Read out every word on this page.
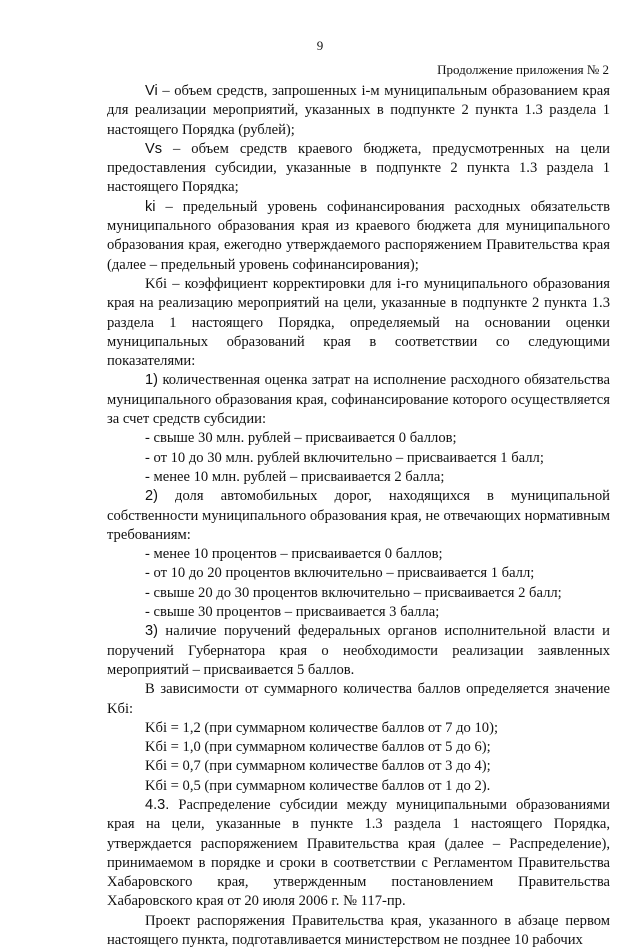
9
Продолжение приложения № 2

Vi – объем средств, запрошенных i-м муниципальным образованием края для реализации мероприятий, указанных в подпункте 2 пункта 1.3 раздела 1 настоящего Порядка (рублей);

Vs – объем средств краевого бюджета, предусмотренных на цели предоставления субсидии, указанные в подпункте 2 пункта 1.3 раздела 1 настоящего Порядка;

ki – предельный уровень софинансирования расходных обязательств муниципального образования края из краевого бюджета для муниципального образования края, ежегодно утверждаемого распоряжением Правительства края (далее – предельный уровень софинансирования);

Kбi – коэффициент корректировки для i-го муниципального образования края на реализацию мероприятий на цели, указанные в подпункте 2 пункта 1.3 раздела 1 настоящего Порядка, определяемый на основании оценки муниципальных образований края в соответствии со следующими показателями:

1) количественная оценка затрат на исполнение расходного обязательства муниципального образования края, софинансирование которого осуществляется за счет средств субсидии:

- свыше 30 млн. рублей – присваивается 0 баллов;

- от 10 до 30 млн. рублей включительно – присваивается 1 балл;

- менее 10 млн. рублей – присваивается 2 балла;

2) доля автомобильных дорог, находящихся в муниципальной собственности муниципального образования края, не отвечающих нормативным требованиям:

- менее 10 процентов – присваивается 0 баллов;

- от 10 до 20 процентов включительно – присваивается 1 балл;

- свыше 20 до 30 процентов включительно – присваивается 2 балл;

- свыше 30 процентов – присваивается 3 балла;

3) наличие поручений федеральных органов исполнительной власти и поручений Губернатора края о необходимости реализации заявленных мероприятий – присваивается 5 баллов.

В зависимости от суммарного количества баллов определяется значение Kбi:

Kбi = 1,2 (при суммарном количестве баллов от 7 до 10);

Kбi = 1,0 (при суммарном количестве баллов от 5 до 6);

Kбi = 0,7 (при суммарном количестве баллов от 3 до 4);

Kбi = 0,5 (при суммарном количестве баллов от 1 до 2).

4.3. Распределение субсидии между муниципальными образованиями края на цели, указанные в пункте 1.3 раздела 1 настоящего Порядка, утверждается распоряжением Правительства края (далее – Распределение), принимаемом в порядке и сроки в соответствии с Регламентом Правительства Хабаровского края, утвержденным постановлением Правительства Хабаровского края от 20 июля 2006 г. № 117-пр.

Проект распоряжения Правительства края, указанного в абзаце первом настоящего пункта, подготавливается министерством не позднее 10 рабочих
